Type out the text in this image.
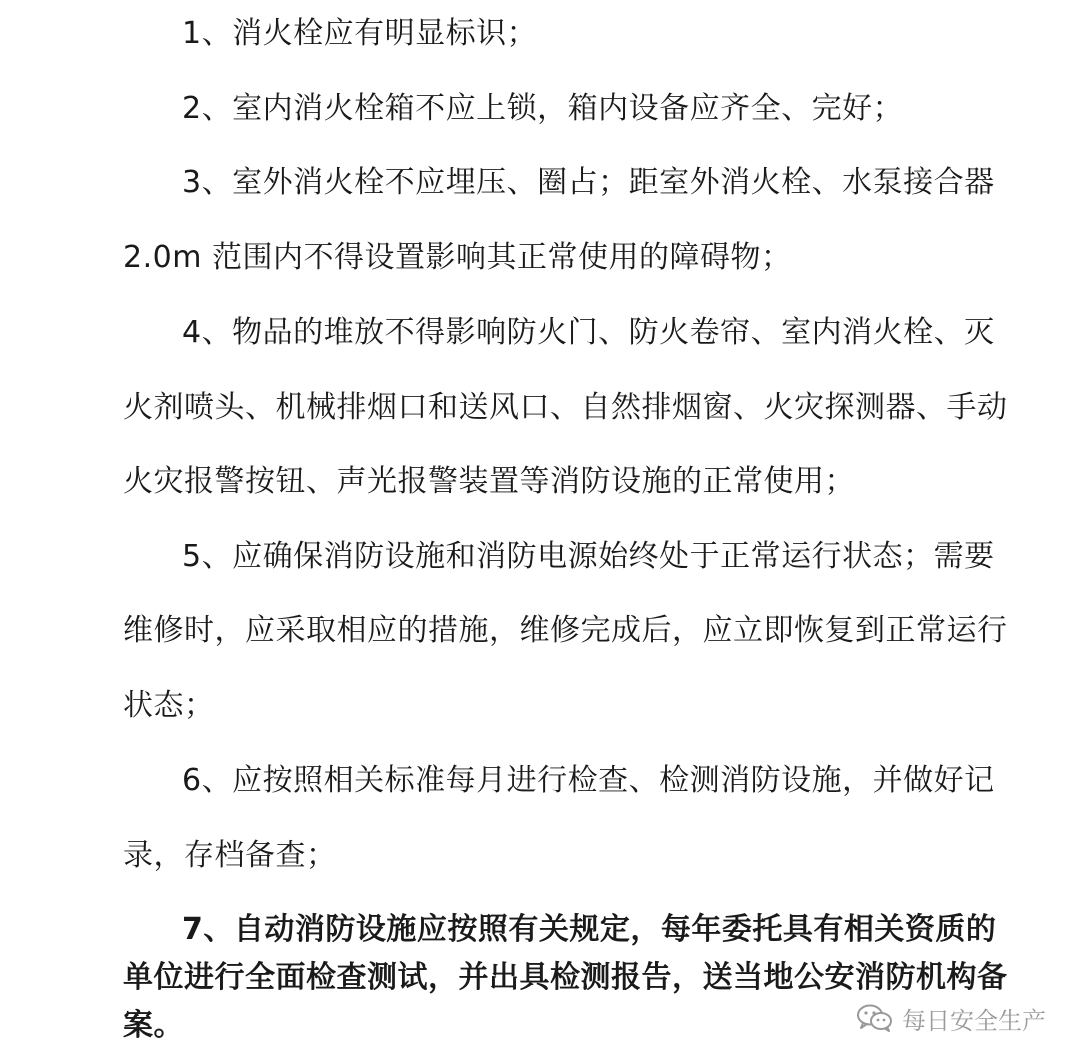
1、消火栓应有明显标识；
2、室内消火栓箱不应上锁，箱内设备应齐全、完好；
3、室外消火栓不应埋压、圈占；距室外消火栓、水泵接合器
2.0m 范围内不得设置影响其正常使用的障碍物；
4、物品的堆放不得影响防火门、防火卷帘、室内消火栓、灭
火剂喷头、机械排烟口和送风口、自然排烟窗、火灾探测器、手动
火灾报警按钮、声光报警装置等消防设施的正常使用；
5、应确保消防设施和消防电源始终处于正常运行状态；需要
维修时，应采取相应的措施，维修完成后，应立即恢复到正常运行
状态；
6、应按照相关标准每月进行检查、检测消防设施，并做好记
录，存档备查；
7、自动消防设施应按照有关规定，每年委托具有相关资质的
单位进行全面检查测试，并出具检测报告，送当地公安消防机构备
案。	每日安全生产
